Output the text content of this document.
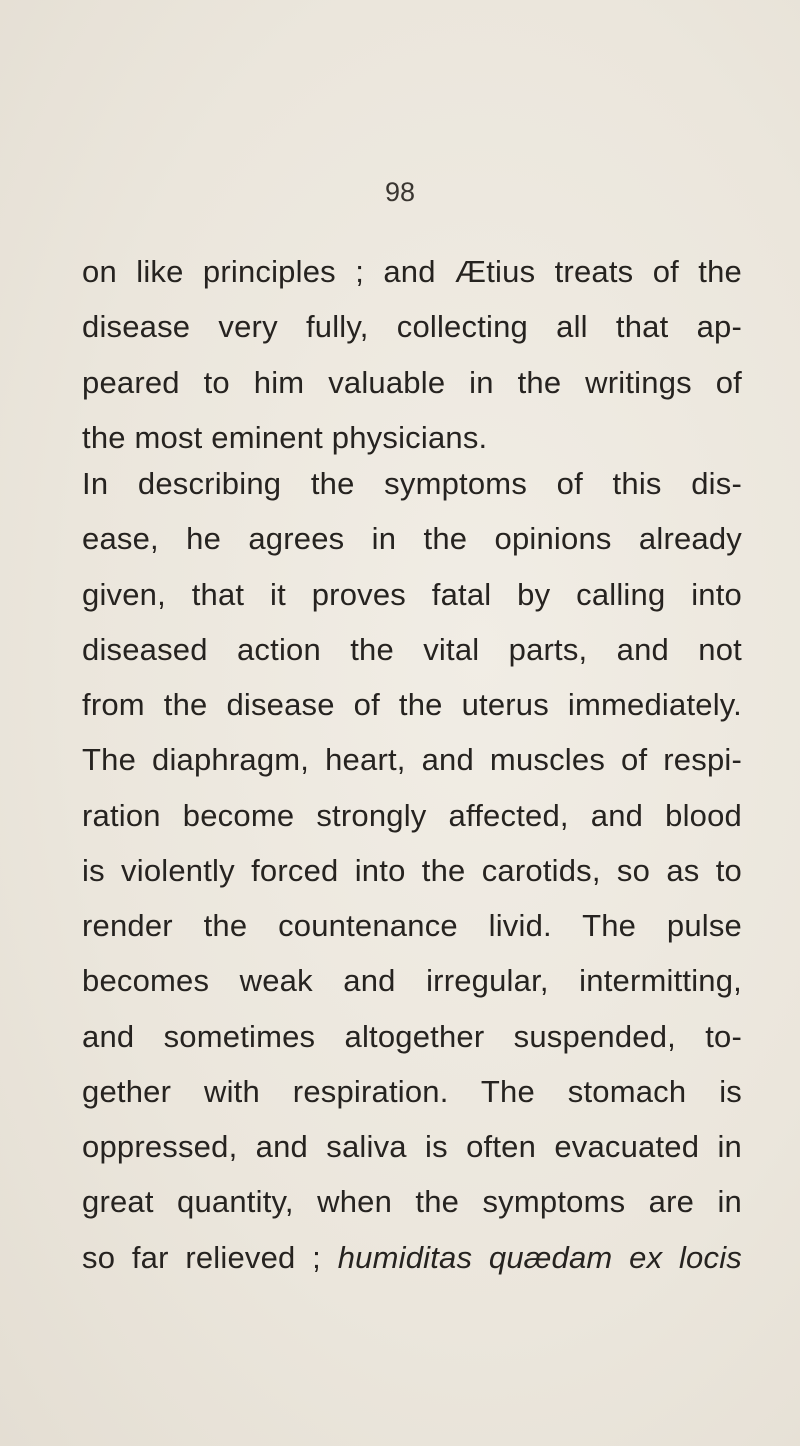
98
on like principles ; and Ætius treats of the
disease very fully, collecting all that ap-
peared to him valuable in the writings of
the most eminent physicians.
In describing the symptoms of this dis-
ease, he agrees in the opinions already
given, that it proves fatal by calling into
diseased action the vital parts, and not
from the disease of the uterus immediately.
The diaphragm, heart, and muscles of respi-
ration become strongly affected, and blood
is violently forced into the carotids, so as to
render the countenance livid. The pulse
becomes weak and irregular, intermitting,
and sometimes altogether suspended, to-
gether with respiration. The stomach is
oppressed, and saliva is often evacuated in
great quantity, when the symptoms are in
so far relieved ; humiditas quædam ex locis
